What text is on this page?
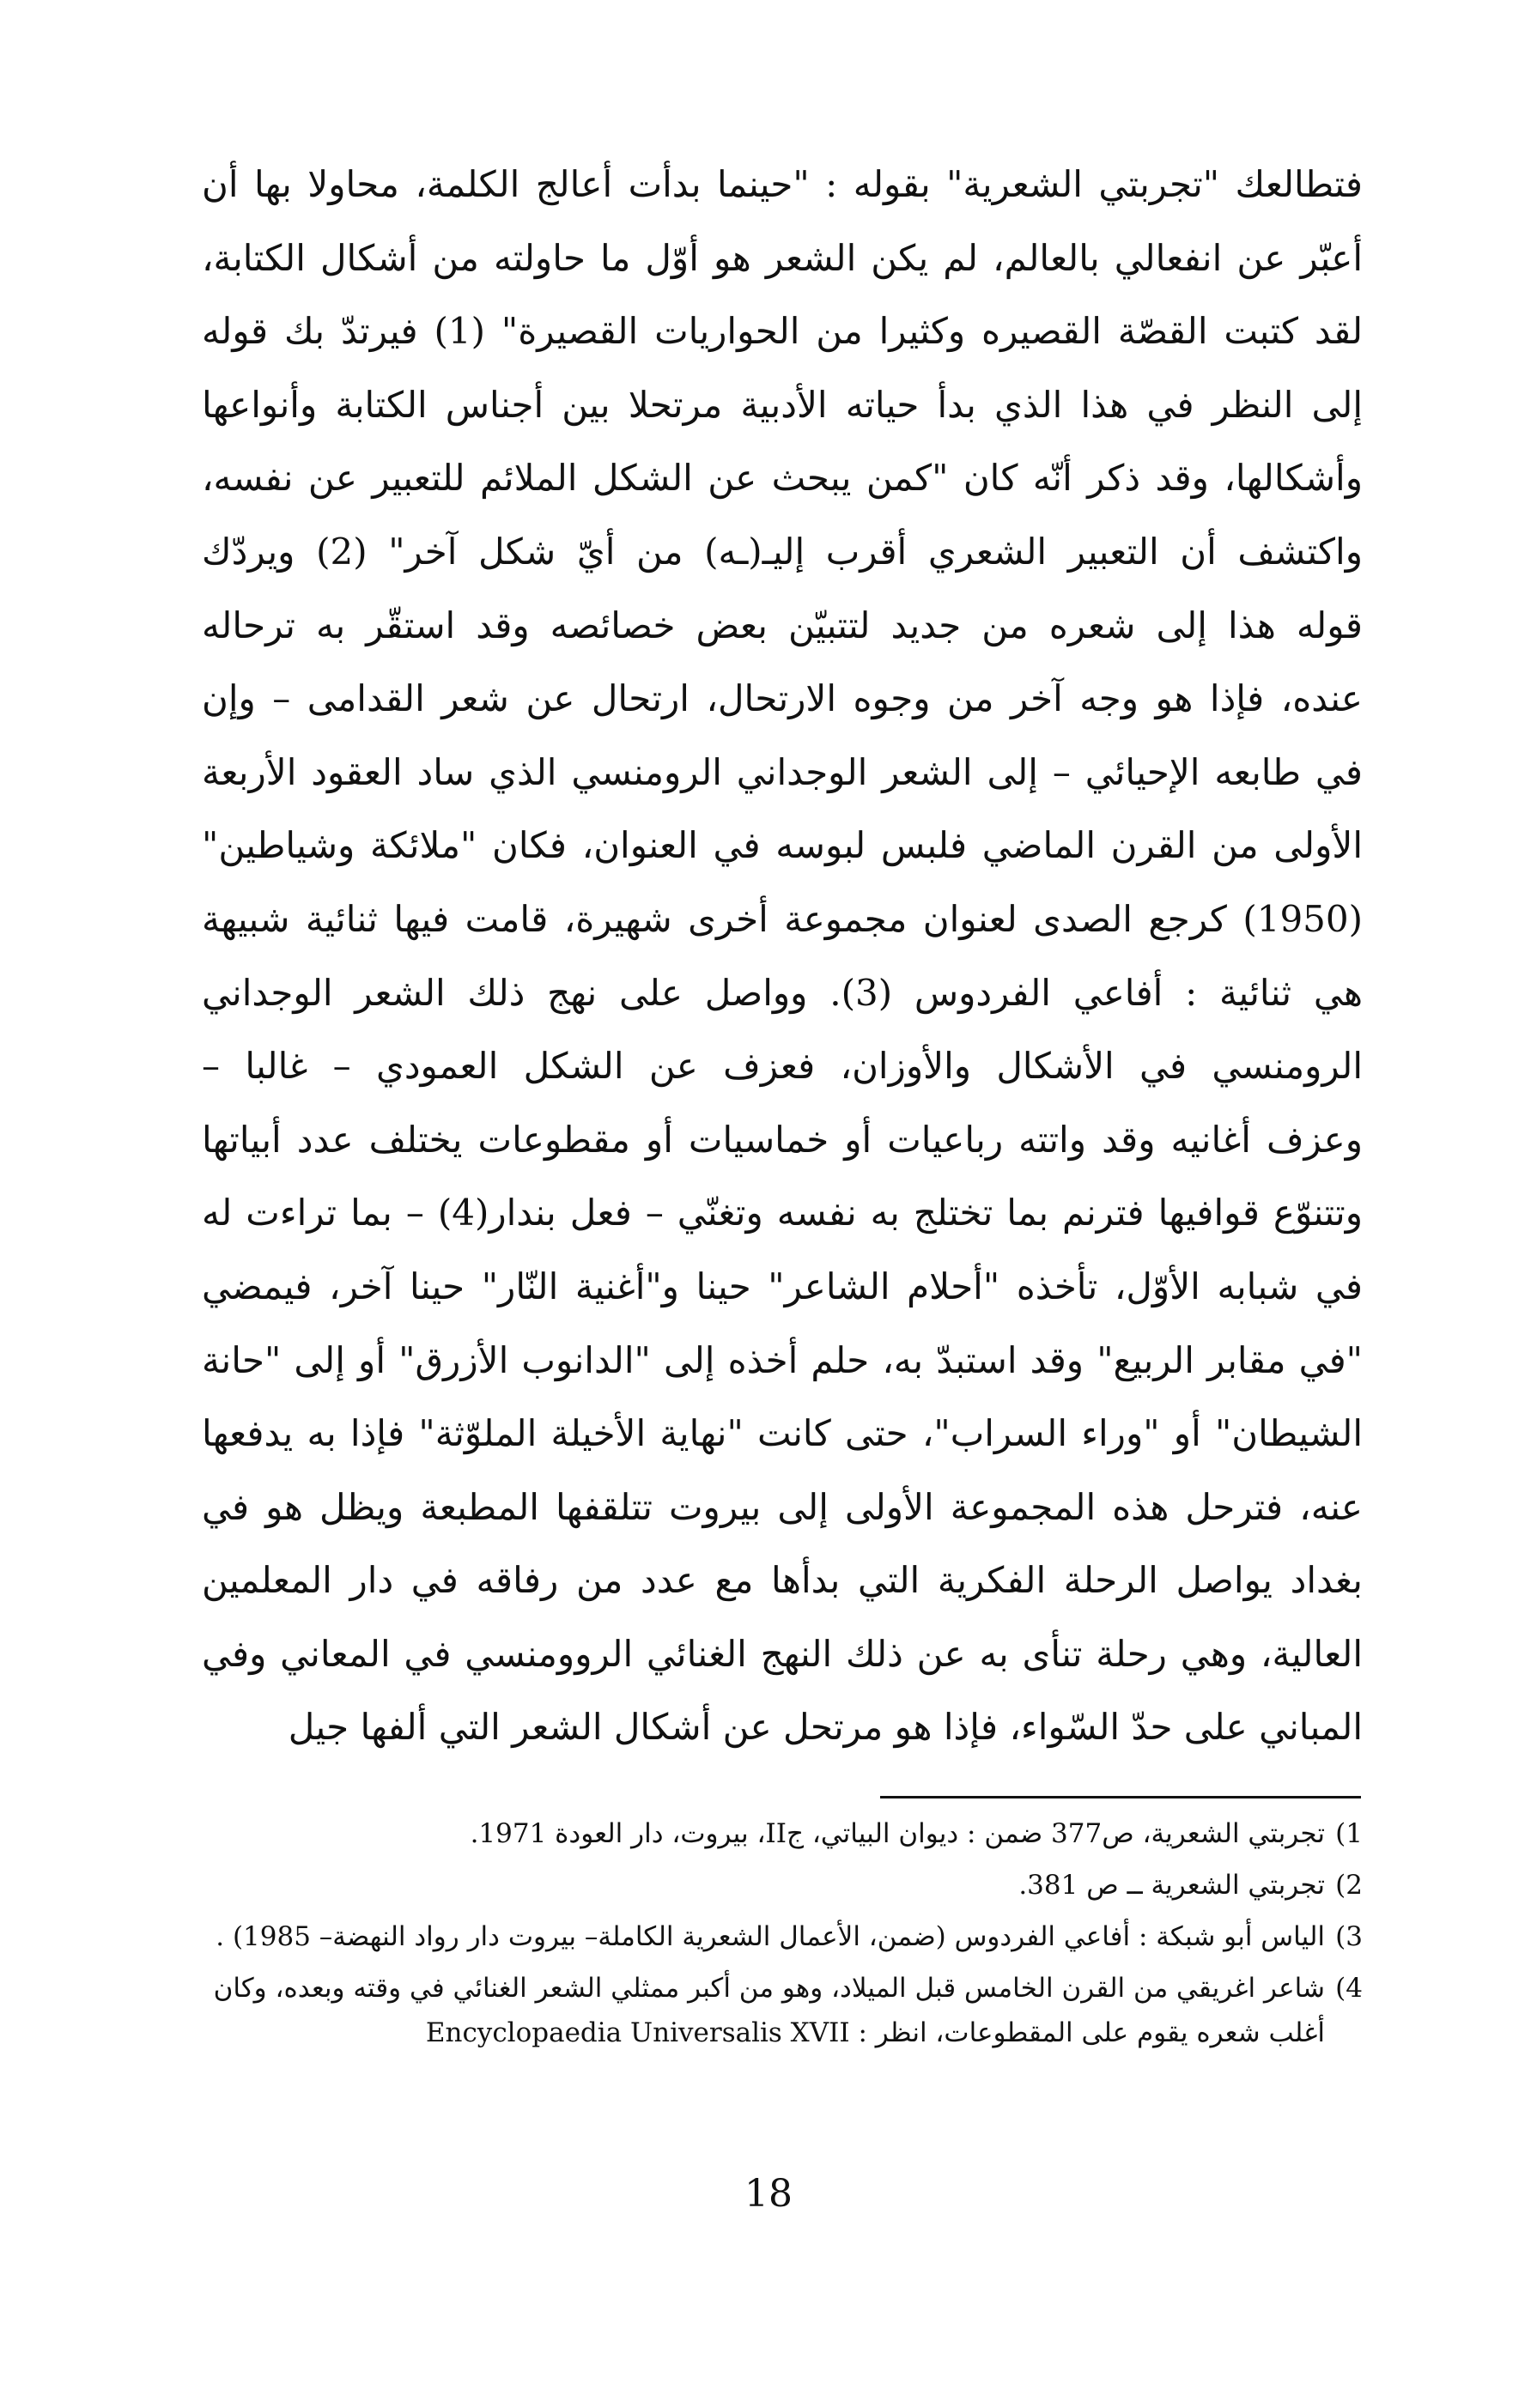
فتطالعك "تجربتي الشعرية" بقوله : "حينما بدأت أعالج الكلمة، محاولا بها أن
أعبّر عن انفعالي بالعالم، لم يكن الشعر هو أوّل ما حاولته من أشكال الكتابة،
لقد كتبت القصّة القصيره وكثيرا من الحواريات القصيرة" (1) فيرتدّ بك قوله
إلى النظر في هذا الذي بدأ حياته الأدبية مرتحلا بين أجناس الكتابة وأنواعها
وأشكالها، وقد ذكر أنّه كان "كمن يبحث عن الشكل الملائم للتعبير عن نفسه،
واكتشف أن التعبير الشعري أقرب إليـ(ـه) من أيّ شكل آخر" (2) ويردّك
قوله هذا إلى شعره من جديد لتتبيّن بعض خصائصه وقد استقّر به ترحاله
عنده، فإذا هو وجه آخر من وجوه الارتحال، ارتحال عن شعر القدامى – وإن
في طابعه الإحيائي – إلى الشعر الوجداني الرومنسي الذي ساد العقود الأربعة
الأولى من القرن الماضي فلبس لبوسه في العنوان، فكان "ملائكة وشياطين"
(1950) كرجع الصدى لعنوان مجموعة أخرى شهيرة، قامت فيها ثنائية شبيهة
هي ثنائية : أفاعي الفردوس (3). وواصل على نهج ذلك الشعر الوجداني
الرومنسي في الأشكال والأوزان، فعزف عن الشكل العمودي – غالبا –
وعزف أغانيه وقد واتته رباعيات أو خماسيات أو مقطوعات يختلف عدد أبياتها
وتتنوّع قوافيها فترنم بما تختلج به نفسه وتغنّي – فعل بندار(4) – بما تراءت له
في شبابه الأوّل، تأخذه "أحلام الشاعر" حينا و"أغنية النّار" حينا آخر، فيمضي
"في مقابر الربيع" وقد استبدّ به، حلم أخذه إلى "الدانوب الأزرق" أو إلى "حانة
الشيطان" أو "وراء السراب"، حتى كانت "نهاية الأخيلة الملوّثة" فإذا به يدفعها
عنه، فترحل هذه المجموعة الأولى إلى بيروت تتلقفها المطبعة ويظل هو في
بغداد يواصل الرحلة الفكرية التي بدأها مع عدد من رفاقه في دار المعلمين
العالية، وهي رحلة تنأى به عن ذلك النهج الغنائي الروومنسي في المعاني وفي
المباني على حدّ السّواء، فإذا هو مرتحل عن أشكال الشعر التي ألفها جيل
1)
تجربتي الشعرية، ص377 ضمن : ديوان البياتي، جII، بيروت، دار العودة 1971.
2)
تجربتي الشعرية ــ ص 381.
3)
الياس أبو شبكة : أفاعي الفردوس (ضمن، الأعمال الشعرية الكاملة– بيروت دار رواد النهضة– 1985) .
4)
شاعر اغريقي من القرن الخامس قبل الميلاد، وهو من أكبر ممثلي الشعر الغنائي في وقته وبعده، وكان أغلب شعره يقوم على المقطوعات، انظر : Encyclopaedia Universalis XVII
18
